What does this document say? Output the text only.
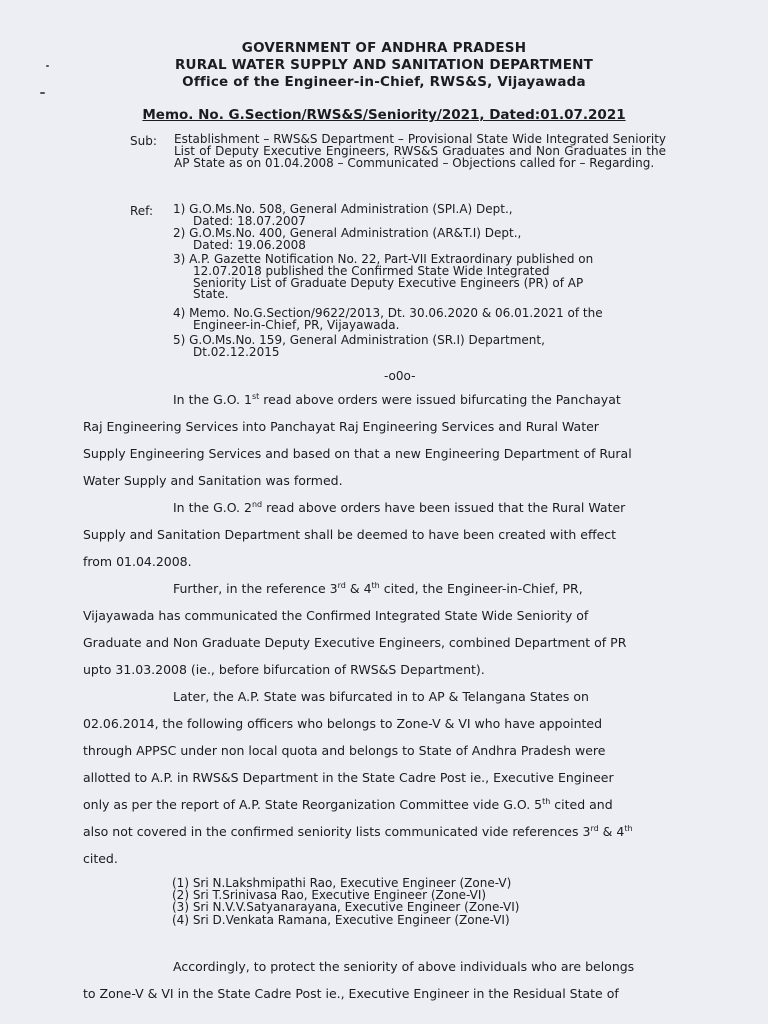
GOVERNMENT OF ANDHRA PRADESH
RURAL WATER SUPPLY AND SANITATION DEPARTMENT
Office of the Engineer-in-Chief, RWS&S, Vijayawada
Memo. No. G.Section/RWS&S/Seniority/2021, Dated:01.07.2021
Sub: Establishment – RWS&S Department – Provisional State Wide Integrated Seniority List of Deputy Executive Engineers, RWS&S Graduates and Non Graduates in the AP State as on 01.04.2008 – Communicated – Objections called for – Regarding.
Ref: 1) G.O.Ms.No. 508, General Administration (SPI.A) Dept.,
Dated: 18.07.2007
2) G.O.Ms.No. 400, General Administration (AR&T.I) Dept.,
Dated: 19.06.2008
3) A.P. Gazette Notification No. 22, Part-VII Extraordinary published on
12.07.2018 published the Confirmed State Wide Integrated
Seniority List of Graduate Deputy Executive Engineers (PR) of AP
State.
4) Memo. No.G.Section/9622/2013, Dt. 30.06.2020 & 06.01.2021 of the
Engineer-in-Chief, PR, Vijayawada.
5) G.O.Ms.No. 159, General Administration (SR.I) Department,
Dt.02.12.2015
-o0o-
In the G.O. 1st read above orders were issued bifurcating the Panchayat
Raj Engineering Services into Panchayat Raj Engineering Services and Rural Water
Supply Engineering Services and based on that a new Engineering Department of Rural
Water Supply and Sanitation was formed.
In the G.O. 2nd read above orders have been issued that the Rural Water
Supply and Sanitation Department shall be deemed to have been created with effect
from 01.04.2008.
Further, in the reference 3rd & 4th cited, the Engineer-in-Chief, PR,
Vijayawada has communicated the Confirmed Integrated State Wide Seniority of
Graduate and Non Graduate Deputy Executive Engineers, combined Department of PR
upto 31.03.2008 (ie., before bifurcation of RWS&S Department).
Later, the A.P. State was bifurcated in to AP & Telangana States on
02.06.2014, the following officers who belongs to Zone-V & VI who have appointed
through APPSC under non local quota and belongs to State of Andhra Pradesh were
allotted to A.P. in RWS&S Department in the State Cadre Post ie., Executive Engineer
only as per the report of A.P. State Reorganization Committee vide G.O. 5th cited and
also not covered in the confirmed seniority lists communicated vide references 3rd & 4th
cited.
(1) Sri N.Lakshmipathi Rao, Executive Engineer (Zone-V)
(2) Sri T.Srinivasa Rao, Executive Engineer (Zone-VI)
(3) Sri N.V.V.Satyanarayana, Executive Engineer (Zone-VI)
(4) Sri D.Venkata Ramana, Executive Engineer (Zone-VI)
Accordingly, to protect the seniority of above individuals who are belongs
to Zone-V & VI in the State Cadre Post ie., Executive Engineer in the Residual State of
